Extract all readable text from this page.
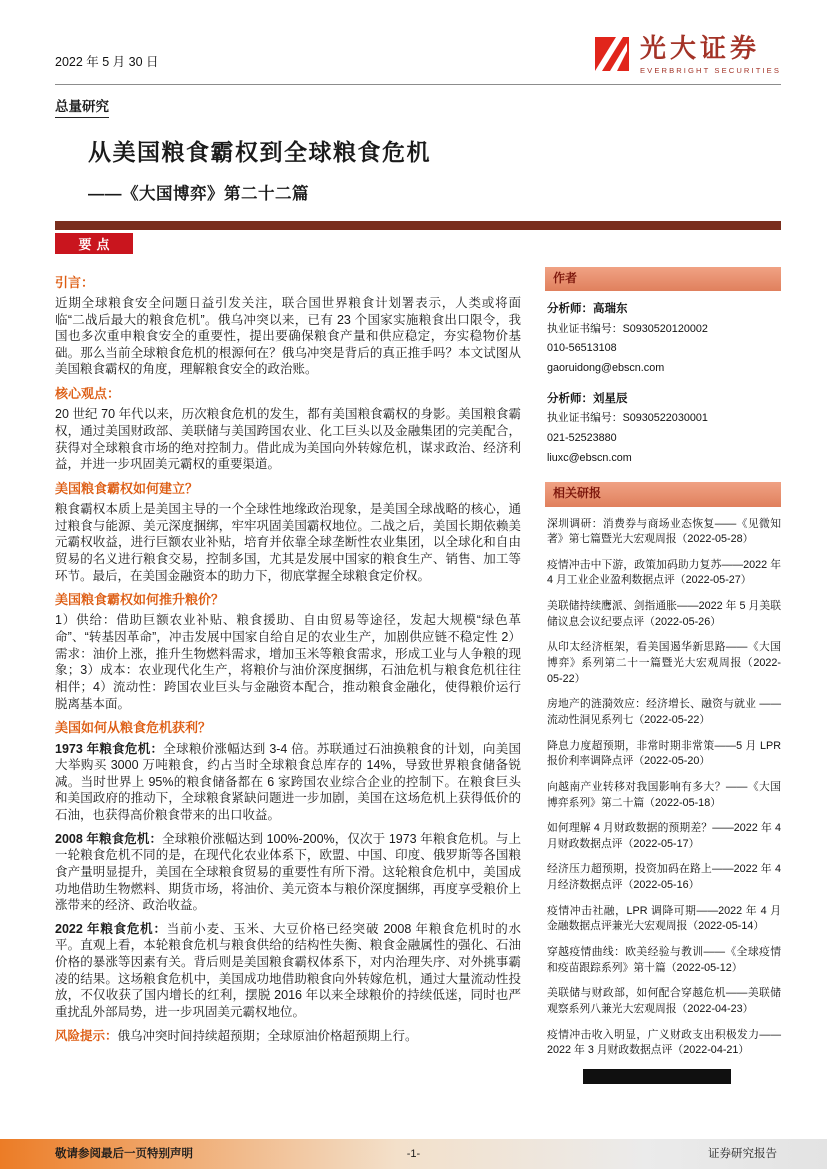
2022 年 5 月 30 日	光大证券
EVERBRIGHT SECURITIES
总量研究
从美国粮食霸权到全球粮食危机
——《大国博弈》第二十二篇
要点
引言：

近期全球粮食安全问题日益引发关注，联合国世界粮食计划署表示，人类或将面临“二战后最大的粮食危机”。俄乌冲突以来，已有 23 个国家实施粮食出口限令，我国也多次重申粮食安全的重要性，提出要确保粮食产量和供应稳定，夯实稳物价基础。那么当前全球粮食危机的根源何在？俄乌冲突是背后的真正推手吗？本文试图从美国粮食霸权的角度，理解粮食安全的政治账。

核心观点：

20 世纪 70 年代以来，历次粮食危机的发生，都有美国粮食霸权的身影。美国粮食霸权，通过美国财政部、美联储与美国跨国农业、化工巨头以及金融集团的完美配合，获得对全球粮食市场的绝对控制力。借此成为美国向外转嫁危机，谋求政治、经济利益，并进一步巩固美元霸权的重要渠道。

美国粮食霸权如何建立？

粮食霸权本质上是美国主导的一个全球性地缘政治现象，是美国全球战略的核心，通过粮食与能源、美元深度捆绑，牢牢巩固美国霸权地位。二战之后，美国长期依赖美元霸权收益，进行巨额农业补贴，培育并依靠全球垄断性农业集团，以全球化和自由贸易的名义进行粮食交易，控制多国，尤其是发展中国家的粮食生产、销售、加工等环节。最后，在美国金融资本的助力下，彻底掌握全球粮食定价权。

美国粮食霸权如何推升粮价？

1）供给：借助巨额农业补贴、粮食援助、自由贸易等途径，发起大规模“绿色革命”、“转基因革命”，冲击发展中国家自给自足的农业生产，加剧供应链不稳定性 2）需求：油价上涨，推升生物燃料需求，增加玉米等粮食需求，形成工业与人争粮的现象；3）成本：农业现代化生产，将粮价与油价深度捆绑，石油危机与粮食危机往往相伴；4）流动性：跨国农业巨头与金融资本配合，推动粮食金融化，使得粮价运行脱离基本面。

美国如何从粮食危机获利？

1973 年粮食危机：全球粮价涨幅达到 3-4 倍。苏联通过石油换粮食的计划，向美国大举购买 3000 万吨粮食，约占当时全球粮食总库存的 14%，导致世界粮食储备锐减。当时世界上 95%的粮食储备都在 6 家跨国农业综合企业的控制下。在粮食巨头和美国政府的推动下，全球粮食紧缺问题进一步加剧，美国在这场危机上获得低价的石油，也获得高价粮食带来的出口收益。

2008 年粮食危机：全球粮价涨幅达到 100%-200%，仅次于 1973 年粮食危机。与上一轮粮食危机不同的是，在现代化农业体系下，欧盟、中国、印度、俄罗斯等各国粮食产量明显提升，美国在全球粮食贸易的重要性有所下滑。这轮粮食危机中，美国成功地借助生物燃料、期货市场，将油价、美元资本与粮价深度捆绑，再度享受粮价上涨带来的经济、政治收益。

2022 年粮食危机：当前小麦、玉米、大豆价格已经突破 2008 年粮食危机时的水平。直观上看，本轮粮食危机与粮食供给的结构性失衡、粮食金融属性的强化、石油价格的暴涨等因素有关。背后则是美国粮食霸权体系下，对内治理失序、对外挑事霸凌的结果。这场粮食危机中，美国成功地借助粮食向外转嫁危机，通过大量流动性投放，不仅收获了国内增长的红利，摆脱 2016 年以来全球粮价的持续低迷，同时也严重扰乱外部局势，进一步巩固美元霸权地位。

风险提示：俄乌冲突时间持续超预期；全球原油价格超预期上行。

作者
分析师：高瑞东
执业证书编号：S0930520120002
010-56513108
gaoruidong@ebscn.com
分析师：刘星辰
执业证书编号：S0930522030001
021-52523880
liuxc@ebscn.com
相关研报

深圳调研：消费券与商场业态恢复——《见微知著》第七篇暨光大宏观周报（2022-05-28）

疫情冲击中下游，政策加码助力复苏——2022 年 4 月工业企业盈利数据点评（2022-05-27）

美联储持续鹰派、剑指通胀——2022 年 5 月美联储议息会议纪要点评（2022-05-26）

从印太经济框架，看美国遏华新思路——《大国博弈》系列第二十一篇暨光大宏观周报（2022-05-22）

房地产的涟漪效应：经济增长、融资与就业 ——流动性洞见系列七（2022-05-22）

降息力度超预期，非常时期非常策——5 月 LPR 报价利率调降点评（2022-05-20）

向越南产业转移对我国影响有多大？——《大国博弈系列》第二十篇（2022-05-18）

如何理解 4 月财政数据的预期差？——2022 年 4 月财政数据点评（2022-05-17）

经济压力超预期，投资加码在路上——2022 年 4 月经济数据点评（2022-05-16）

疫情冲击社融，LPR 调降可期——2022 年 4 月金融数据点评兼光大宏观周报（2022-05-14）

穿越疫情曲线：欧美经验与教训——《全球疫情和疫苗跟踪系列》第十篇（2022-05-12）

美联储与财政部，如何配合穿越危机——美联储观察系列八兼光大宏观周报（2022-04-23）

疫情冲击收入明显，广义财政支出积极发力——2022 年 3 月财政数据点评（2022-04-21）

敬请参阅最后一页特别声明	-1-	证券研究报告
